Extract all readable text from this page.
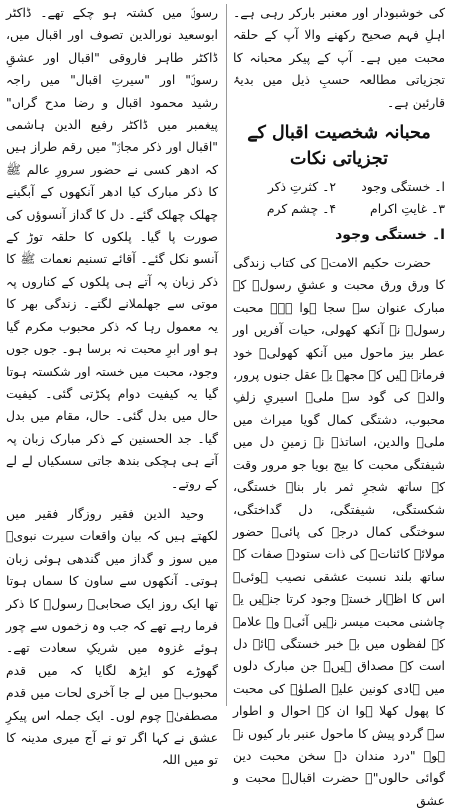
کی خوشبودار اور معنبر بارکر رہی ہے۔ اہلِ فہم صحیح رکھنے والا آپ کے حلقہ محبت میں ہے۔ آپ کے پیکر محبانہ کا تجزیاتی مطالعہ حسبِ ذیل میں بدیۂ قارئین ہے۔

محبانہ شخصیت اقبال کے تجزیاتی نکات
ا۔ خستگی وجود
۲۔ کثرتِ ذکر
۳۔ غایتِ اکرام
۴۔ چشم کرم
ا۔ خستگی وجود

حضرت حکیم الامتؒ کی کتاب زندگی کا ورق ورق محبت و عشقِ رسولؐ کے مبارک عنوان سے سجا ہوا ہے۔ محبت رسولؐ نے آنکھ کھولی، حیات آفریں اور عطر بیز ماحول میں آنکھ کھولی۔ خود فرماتے ہیں کہ مجھے یہ عقل جنوں پرور، والدہ کی گود سے ملی۔ اسیریِ زلفِ محبوب، دشتگی کمال گویا میراث میں ملی۔ والدین، اساتذہ نے زمینِ دل میں شیفتگی محبت کا بیج بویا جو مرور وقت کے ساتھ شجرِ ثمر بار بنا۔ خستگی، شکستگی، شیفتگی، دل گداختگی، سوختگی کمال درجے کی پائی۔ حضور مولائے کائناتؐ کی ذات ستودہ صفات کے ساتھ بلند نسبت عشقی نصیب ہوئی۔ اس کا اظہار خستہ وجود کرتا جنہیں یہ چاشنی محبت میسر نہیں آئی۔ وہ علامہ کے لفظوں میں بے خبر خستگی ہائے دل است کے مصداق ہیں۔ جن مبارک دلوں میں ہادی کونین علیہ الصلوٰۃ کی محبت کا پھول کھلا ہوا ان کے احوال و اطوار سے گردو پیش کا ماحول عنبر بار کیوں نہ ہو۔ "درد مندان دے سخن محبت دین گوائی حالوں"۔ حضرت اقبالؒ محبت و عشق

رسولؐ میں کشتہ ہو چکے تھے۔ ڈاکٹر ابوسعید نورالدین تصوف اور اقبال میں، ڈاکٹر طاہر فاروقی "اقبال اور عشقِ رسولؐ" اور "سیرتِ اقبال" میں راجہ رشید محمود اقبال و رضا مدح گراں" پیغمبر میں ڈاکٹر رفیع الدین ہاشمی "اقبال اور ذکر مجازؐ" میں رقم طراز ہیں کہ ادھر کسی نے حضور سرورِ عالم ﷺ کا ذکر مبارک کیا ادھر آنکھوں کے آبگینے چھلک چھلک گئے۔ دل کا گداز آنسوؤں کی صورت پا گیا۔ پلکوں کا حلقہ توڑ کے آنسو نکل گئے۔ آقائے تسنیم نعمات ﷺ کا ذکر زبان پہ آتے ہی پلکوں کے کناروں پہ موتی سے جھلملانے لگتے۔ زندگی بھر کا یہ معمول رہا کہ ذکر محبوب مکرم گیا ہو اور ابرِ محبت نہ برسا ہو۔ جوں جوں وجود، محبت میں خستہ اور شکستہ ہوتا گیا یہ کیفیت دوام پکڑتی گئی۔ کیفیت حال میں بدل گئی۔ حال، مقام میں بدل گیا۔ جد الحسنین کے ذکر مبارک زبان پہ آتے ہی ہچکی بندھ جاتی سسکیاں لے لے کے روتے۔

وحید الدین فقیر روزگار فقیر میں لکھتے ہیں کہ بیان واقعات سیرت نبویؐ میں سوز و گداز میں گندھی ہوئی زبان ہوتی۔ آنکھوں سے ساون کا سماں ہوتا تھا ایک روز ایک صحابیؓ رسولؐ کا ذکر فرما رہے تھے کہ جب وہ زخموں سے چور ہوئے غزوہ میں شریکِ سعادت تھے۔ گھوڑے کو ایڑھ لگایا کہ میں قدم محبوبؐ میں لے جا آخری لحات میں قدم مصطفیٰؐ چوم لوں۔ ایک جملہ اس پیکرِ عشق نے کہا اگر تو نے آج میری مدینہ کا تو میں اللہ
